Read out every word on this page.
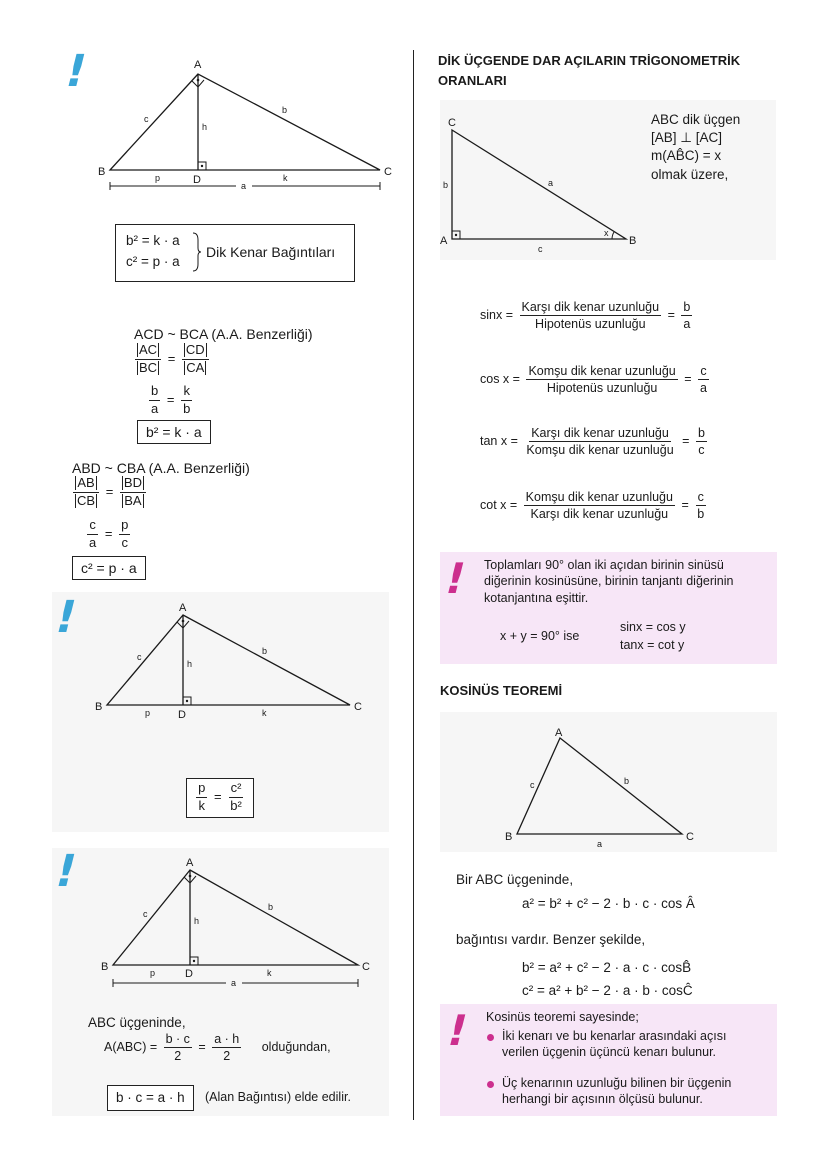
!	A
B	C
D
c
b
h
p	k
a
b² = k · a
c² = p · a
Dik Kenar Bağıntıları
ACD ~ BCA (A.A. Benzerliği)
$\frac{AC}{BC} = \frac{CD}{CA}$
$\frac{b}{a} = \frac{k}{b}$
b² = k · a
ABD ~ CBA (A.A. Benzerliği)
$\frac{AB}{CB} = \frac{BD}{BA}$
$\frac{c}{a} = \frac{p}{c}$
c² = p · a
!	A
B	C
D
c
b
h
p	k
$\frac{p}{k} = \frac{\text{c²}}{\text{b²}}$
!	A
B	C
D
c
b
h
p	k
a
ABC üçgeninde,
$A(ABC) = \frac{b \cdot c}{2} = \frac{a \cdot h}{2}$ olduğundan,
b · c = a · h	(Alan Bağıntısı) elde edilir.
DİK ÜÇGENDE DAR AÇILARIN TRİGONOMETRİK ORANLARI
C
A	B
a
b
c
x
ABC dik üçgen
[AB] ⊥ [AC]
m(AB̂C) = x
olmak üzere,
$\sin x = \frac{\text{Karşı dik kenar uzunluğu}}{\text{Hipotenüs uzunluğu}} = \frac{b}{a}$
$\cos x = \frac{\text{Komşu dik kenar uzunluğu}}{\text{Hipotenüs uzunluğu}} = \frac{c}{a}$
$\tan x = \frac{\text{Karşı dik kenar uzunluğu}}{\text{Komşu dik kenar uzunluğu}} = \frac{b}{c}$
$\cot x = \frac{\text{Komşu dik kenar uzunluğu}}{\text{Karşı dik kenar uzunluğu}} = \frac{c}{b}$
! Toplamları 90° olan iki açıdan birinin sinüsü
diğerinin kosinüsüne, birinin tanjantı diğerinin
kotanjantına eşittir.
x + y = 90° ise
sinx = cos y
tanx = cot y
KOSİNÜS TEOREMİ
A
B	C
c	b
a
Bir ABC üçgeninde,
a² = b² + c² − 2 · b · c · cos Â
bağıntısı vardır. Benzer şekilde,
b² = a² + c² − 2 · a · c · cosB̂
c² = a² + b² − 2 · a · b · cosĈ
! Kosinüs teoremi sayesinde;
İki kenarı ve bu kenarlar arasındaki açısı
verilen üçgenin üçüncü kenarı bulunur.
Üç kenarının uzunluğu bilinen bir üçgenin
herhangi bir açısının ölçüsü bulunur.
